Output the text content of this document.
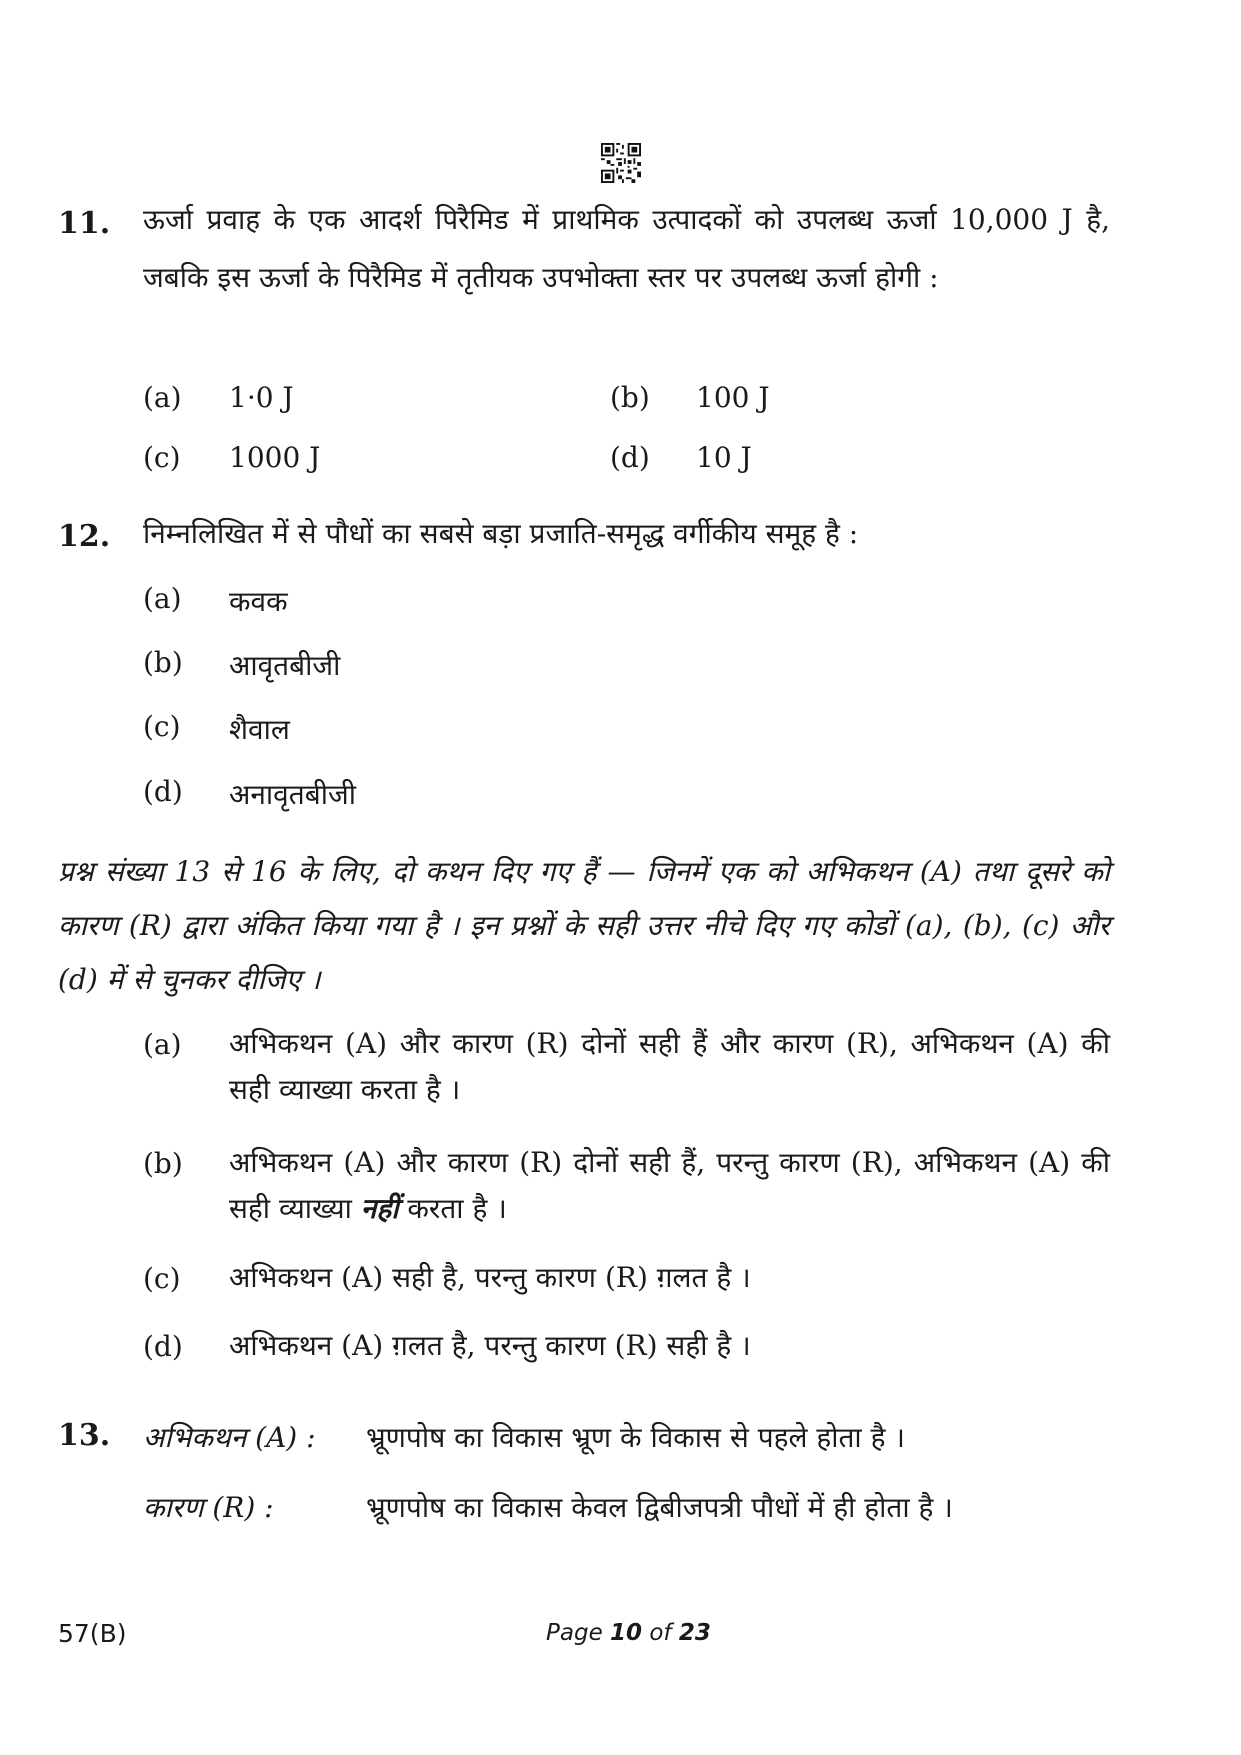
11. ऊर्जा प्रवाह के एक आदर्श पिरैमिड में प्राथमिक उत्पादकों को उपलब्ध ऊर्जा 10,000 J है, जबकि इस ऊर्जा के पिरैमिड में तृतीयक उपभोक्ता स्तर पर उपलब्ध ऊर्जा होगी :
(a) 1·0 J	(b) 100 J
(c) 1000 J	(d) 10 J
12. निम्नलिखित में से पौधों का सबसे बड़ा प्रजाति-समृद्ध वर्गीकीय समूह है :
(a) कवक
(b) आवृतबीजी
(c) शैवाल
(d) अनावृतबीजी
प्रश्न संख्या 13 से 16 के लिए, दो कथन दिए गए हैं — जिनमें एक को अभिकथन (A) तथा दूसरे को कारण (R) द्वारा अंकित किया गया है । इन प्रश्नों के सही उत्तर नीचे दिए गए कोडों (a), (b), (c) और (d) में से चुनकर दीजिए ।
(a) अभिकथन (A) और कारण (R) दोनों सही हैं और कारण (R), अभिकथन (A) की सही व्याख्या करता है ।
(b) अभिकथन (A) और कारण (R) दोनों सही हैं, परन्तु कारण (R), अभिकथन (A) की सही व्याख्या नहीं करता है ।
(c) अभिकथन (A) सही है, परन्तु कारण (R) ग़लत है ।
(d) अभिकथन (A) ग़लत है, परन्तु कारण (R) सही है ।
13. अभिकथन (A) : भ्रूणपोष का विकास भ्रूण के विकास से पहले होता है ।
कारण (R) :	भ्रूणपोष का विकास केवल द्विबीजपत्री पौधों में ही होता है ।
57(B)	Page 10 of 23
